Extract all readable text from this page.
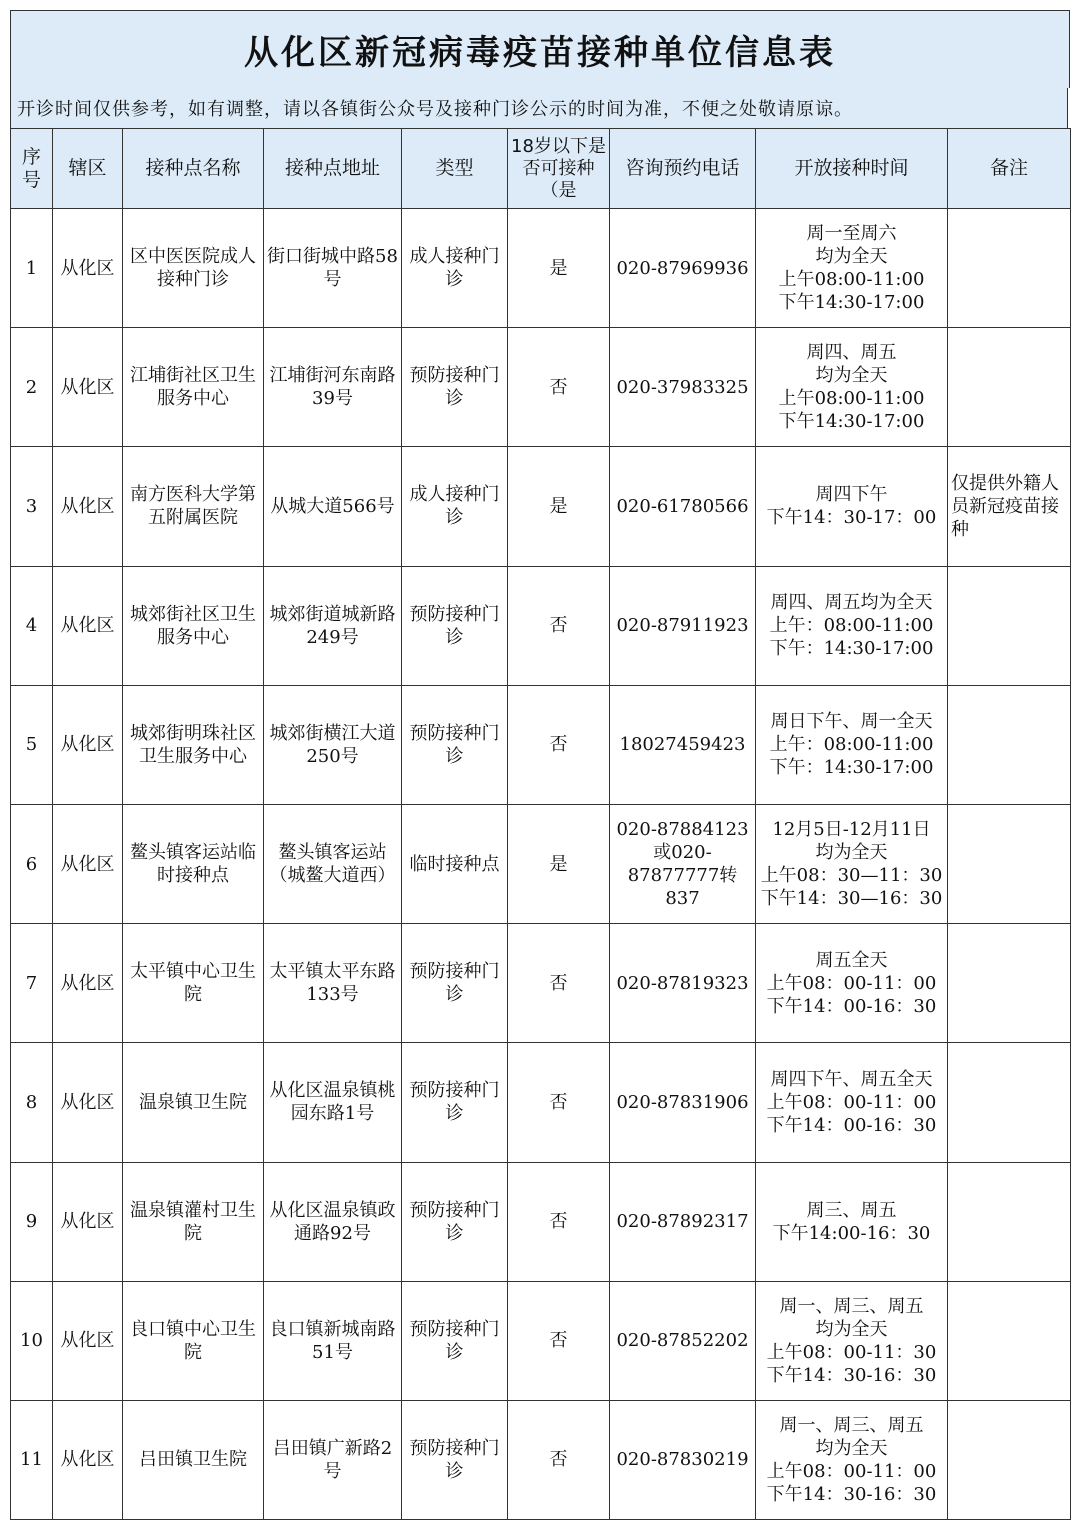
从化区新冠病毒疫苗接种单位信息表
开诊时间仅供参考，如有调整，请以各镇街公众号及接种门诊公示的时间为准，不便之处敬请原谅。
序号	辖区	接种点名称	接种点地址	类型	18岁以下是否可接种（是	咨询预约电话	开放接种时间	备注
1	从化区	区中医医院成人接种门诊	街口街城中路58号	成人接种门诊	是	020-87969936	周一至周六
均为全天
上午08:00-11:00
下午14:30-17:00	
2	从化区	江埔街社区卫生服务中心	江埔街河东南路
39号	预防接种门诊	否	020-37983325	周四、周五
均为全天
上午08:00-11:00
下午14:30-17:00	
3	从化区	南方医科大学第五附属医院	从城大道566号	成人接种门诊	是	020-61780566	周四下午
下午14：30-17：00	仅提供外籍人员新冠疫苗接种
4	从化区	城郊街社区卫生服务中心	城郊街道城新路249号	预防接种门诊	否	020-87911923	周四、周五均为全天
上午：08:00-11:00
下午：14:30-17:00	
5	从化区	城郊街明珠社区卫生服务中心	城郊街横江大道250号	预防接种门诊	否	18027459423	周日下午、周一全天
上午：08:00-11:00
下午：14:30-17:00	
6	从化区	鳌头镇客运站临时接种点	鳌头镇客运站（城鳌大道西）	临时接种点	是	020-87884123或020-87877777转837	12月5日-12月11日
均为全天
上午08：30—11：30
下午14：30—16：30	
7	从化区	太平镇中心卫生院	太平镇太平东路133号	预防接种门诊	否	020-87819323	周五全天
上午08：00-11：00
下午14：00-16：30	
8	从化区	温泉镇卫生院	从化区温泉镇桃园东路1号	预防接种门诊	否	020-87831906	周四下午、周五全天
上午08：00-11：00
下午14：00-16：30	
9	从化区	温泉镇灌村卫生院	从化区温泉镇政通路92号	预防接种门诊	否	020-87892317	周三、周五
下午14:00-16：30	
10	从化区	良口镇中心卫生院	良口镇新城南路51号	预防接种门诊	否	020-87852202	周一、周三、周五
均为全天
上午08：00-11：30
下午14：30-16：30	
11	从化区	吕田镇卫生院	吕田镇广新路2号	预防接种门诊	否	020-87830219	周一、周三、周五
均为全天
上午08：00-11：00
下午14：30-16：30	
